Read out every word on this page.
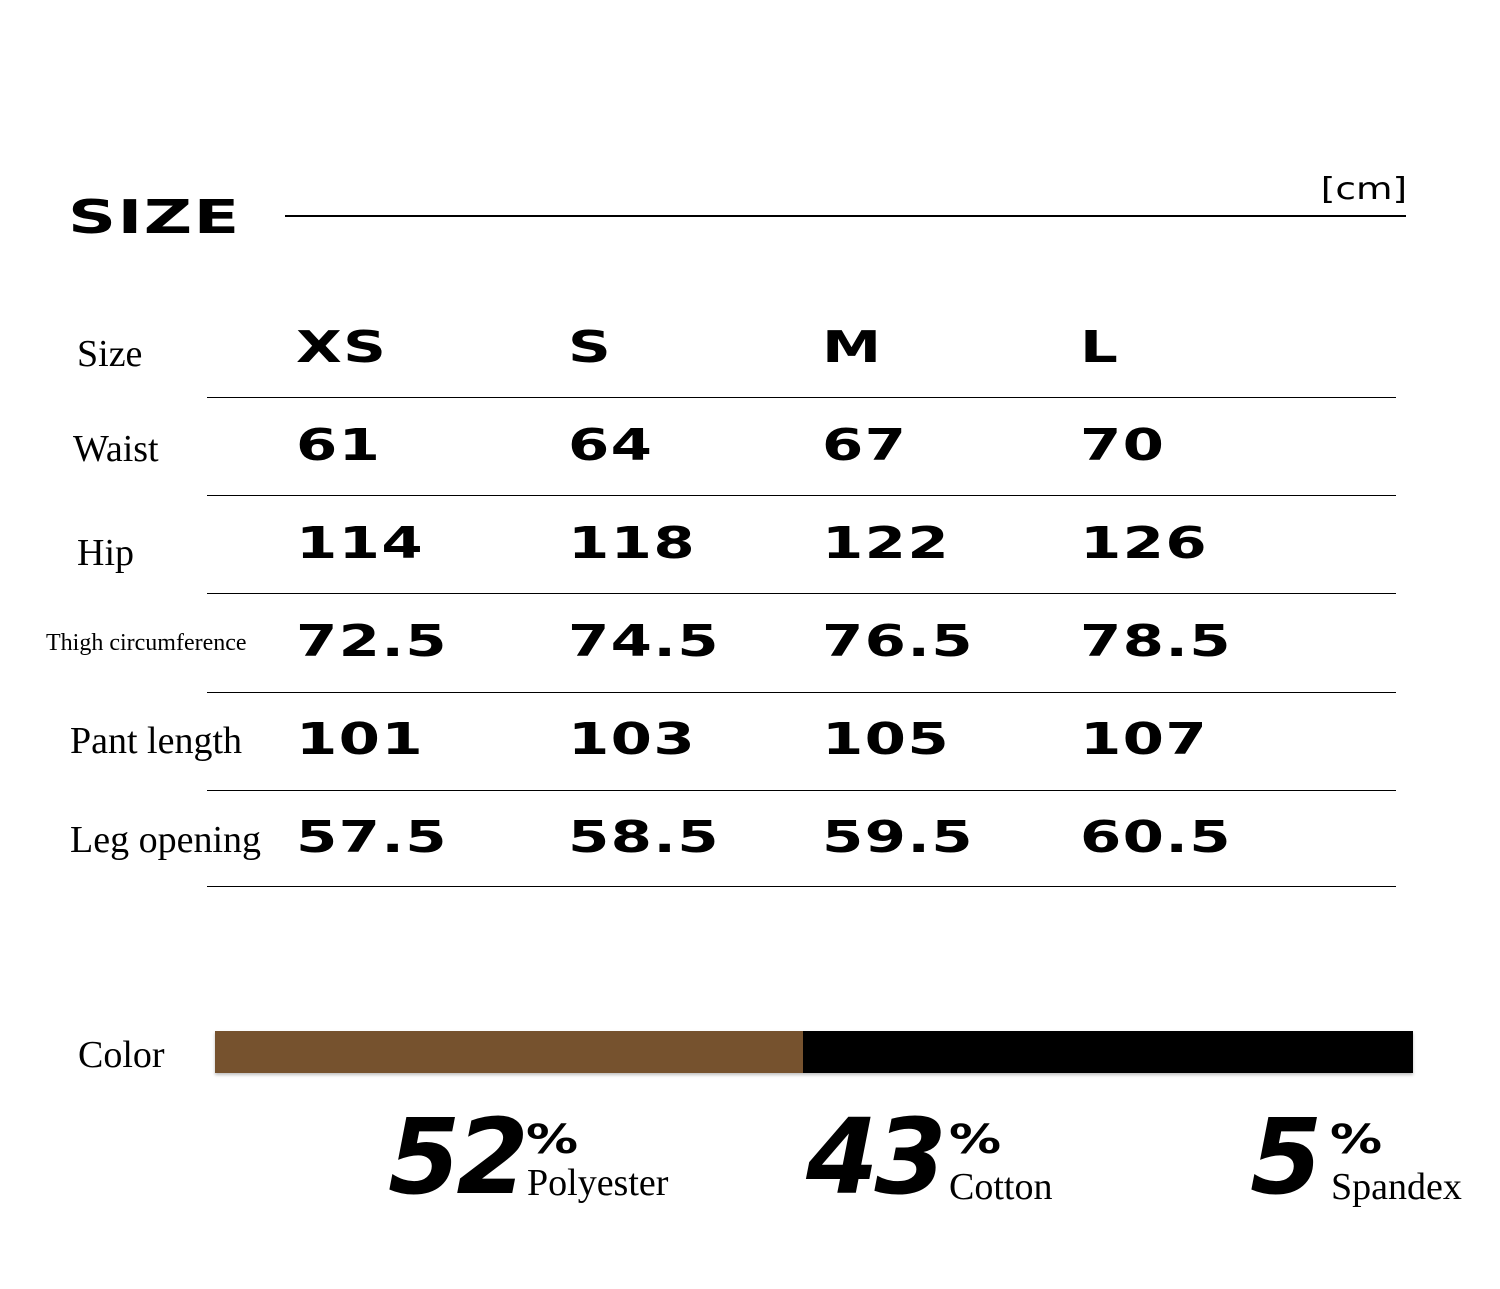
SIZE
[cm]
Size	XS	S	M	L
Waist	61	64	67	70
Hip	114	118	122	126
Thigh circumference	72.5	74.5 76.5 78.5
Pant length	101	103	105	107
Leg opening 57.5	58.5 59.5 60.5
Color
52 %
Polyester 43 %
Cotton 5 %
Spandex
